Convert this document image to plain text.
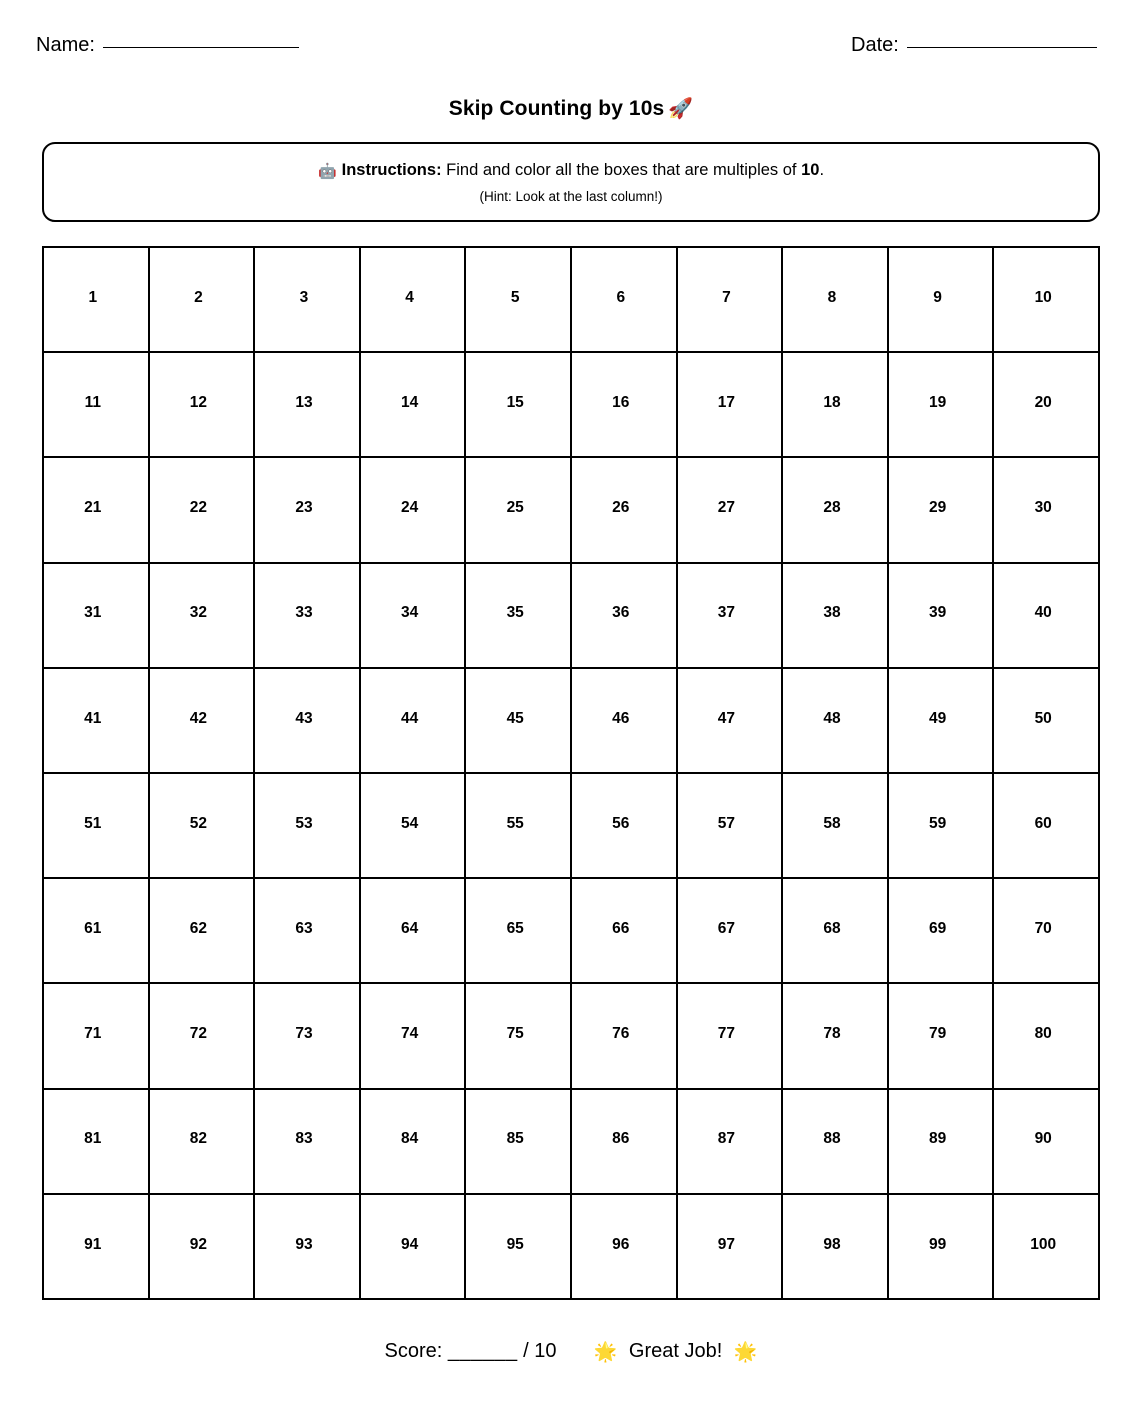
Name:	Date:
Skip Counting by 10s 🚀
🤖 Instructions: Find and color all the boxes that are multiples of 10.
(Hint: Look at the last column!)
1	2	3	4	5	6	7	8	9	10
11	12	13	14	15	16	17	18	19	20
21	22	23	24	25	26	27	28	29	30
31	32	33	34	35	36	37	38	39	40
41	42	43	44	45	46	47	48	49	50
51	52	53	54	55	56	57	58	59	60
61	62	63	64	65	66	67	68	69	70
71	72	73	74	75	76	77	78	79	80
81	82	83	84	85	86	87	88	89	90
91	92	93	94	95	96	97	98	99	100
Score: ______ / 10 🌟 Great Job! 🌟
